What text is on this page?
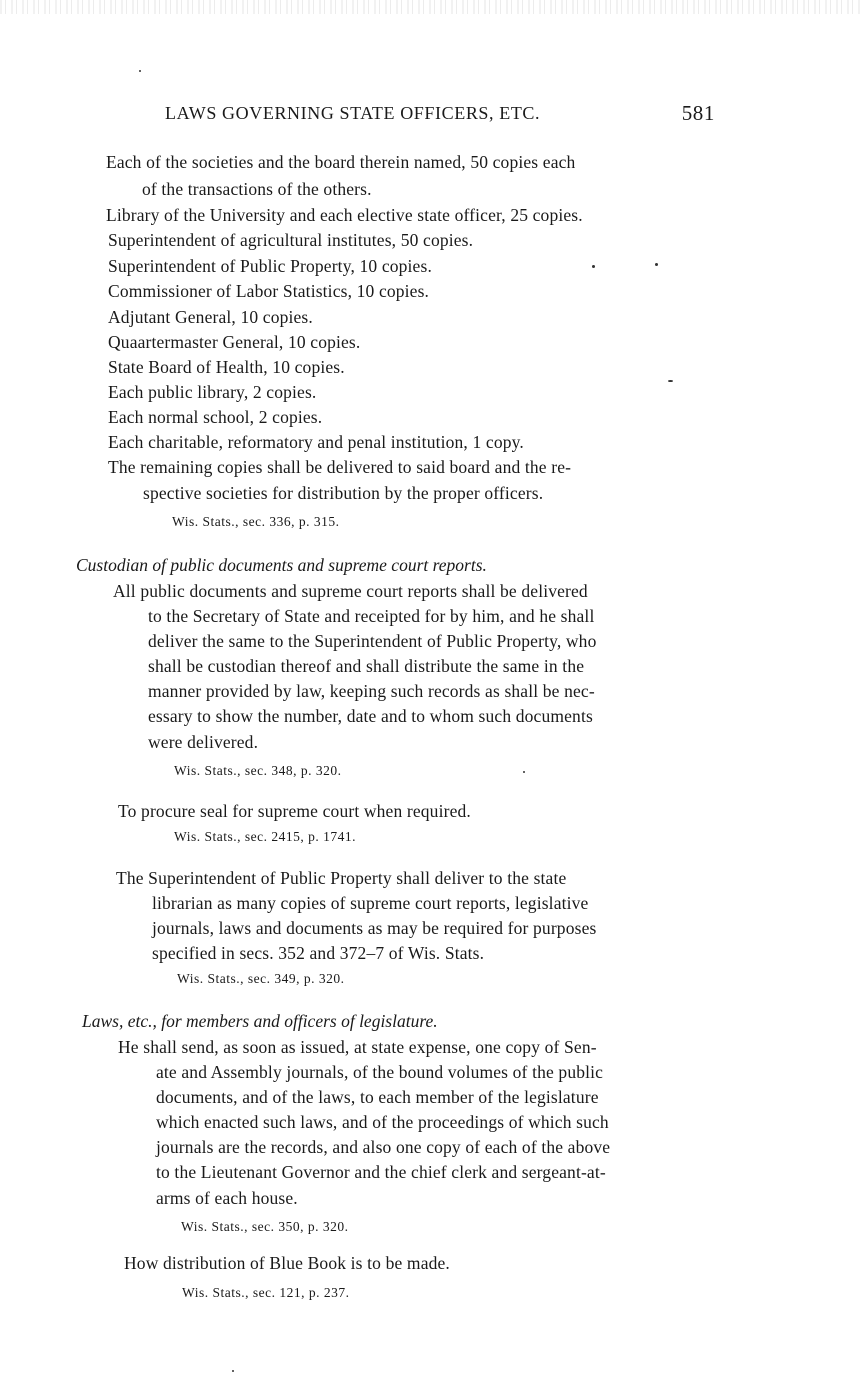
LAWS GOVERNING STATE OFFICERS, ETC.	581
Each of the societies and the board therein named, 50 copies each
of the transactions of the others.
Library of the University and each elective state officer, 25 copies.
Superintendent of agricultural institutes, 50 copies.
Superintendent of Public Property, 10 copies.
Commissioner of Labor Statistics, 10 copies.
Adjutant General, 10 copies.
Quaartermaster General, 10 copies.
State Board of Health, 10 copies.
Each public library, 2 copies.
Each normal school, 2 copies.
Each charitable, reformatory and penal institution, 1 copy.
The remaining copies shall be delivered to said board and the re-
spective societies for distribution by the proper officers.
Wis. Stats., sec. 336, p. 315.
Custodian of public documents and supreme court reports.
All public documents and supreme court reports shall be delivered
to the Secretary of State and receipted for by him, and he shall
deliver the same to the Superintendent of Public Property, who
shall be custodian thereof and shall distribute the same in the
manner provided by law, keeping such records as shall be nec-
essary to show the number, date and to whom such documents
were delivered.
Wis. Stats., sec. 348, p. 320.
To procure seal for supreme court when required.
Wis. Stats., sec. 2415, p. 1741.
The Superintendent of Public Property shall deliver to the state
librarian as many copies of supreme court reports, legislative
journals, laws and documents as may be required for purposes
specified in secs. 352 and 372–7 of Wis. Stats.
Wis. Stats., sec. 349, p. 320.
Laws, etc., for members and officers of legislature.
He shall send, as soon as issued, at state expense, one copy of Sen-
ate and Assembly journals, of the bound volumes of the public
documents, and of the laws, to each member of the legislature
which enacted such laws, and of the proceedings of which such
journals are the records, and also one copy of each of the above
to the Lieutenant Governor and the chief clerk and sergeant-at-
arms of each house.
Wis. Stats., sec. 350, p. 320.
How distribution of Blue Book is to be made.
Wis. Stats., sec. 121, p. 237.
